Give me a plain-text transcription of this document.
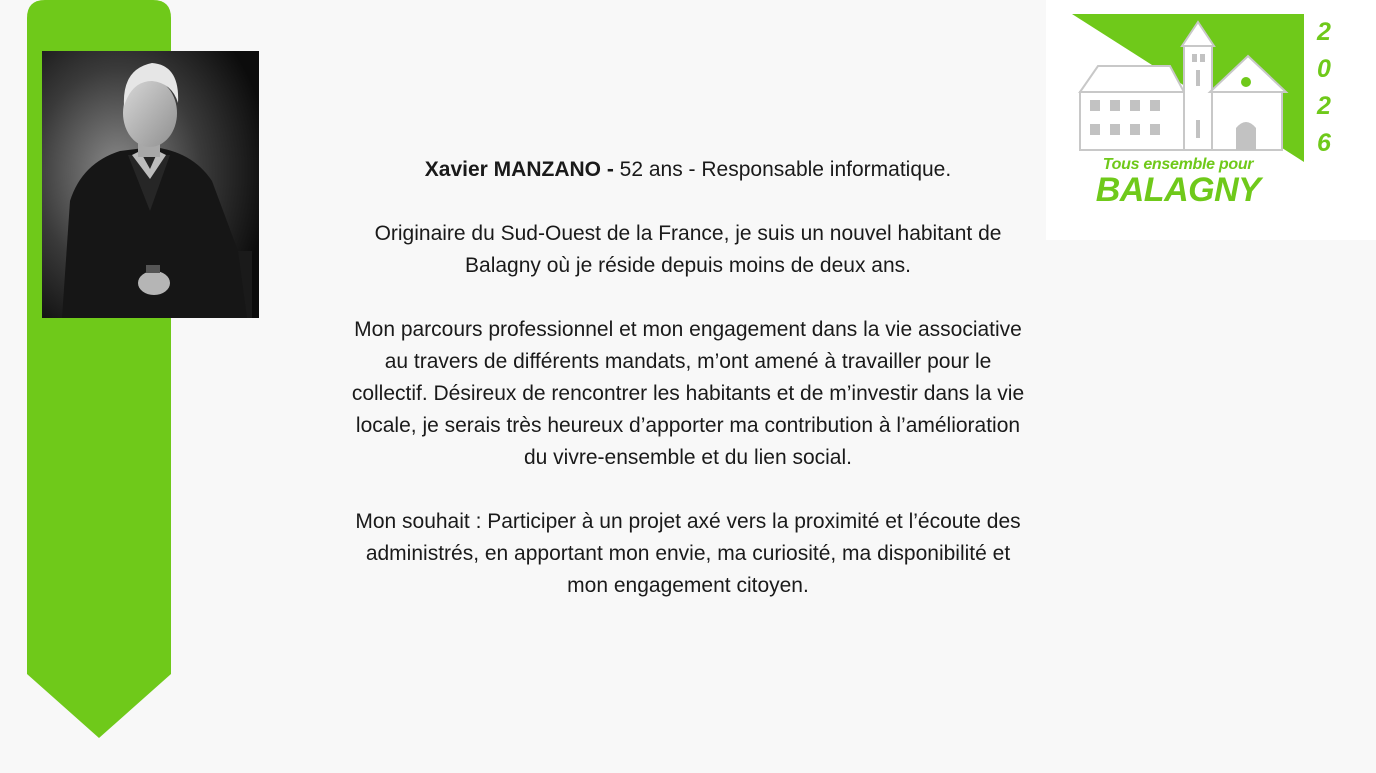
Xavier MANZANO - 52 ans - Responsable informatique.

Originaire du Sud-Ouest de la France, je suis un nouvel habitant de Balagny où je réside depuis moins de deux ans.

Mon parcours professionnel et mon engagement dans la vie associative au travers de différents mandats, m’ont amené à travailler pour le collectif. Désireux de rencontrer les habitants et de m’investir dans la vie locale, je serais très heureux d’apporter ma contribution à l’amélioration du vivre-ensemble et du lien social.

Mon souhait : Participer à un projet axé vers la proximité et l’écoute des administrés, en apportant mon envie, ma curiosité, ma disponibilité et mon engagement citoyen.

2
0
2
6
Tous ensemble pour
BALAGNY
